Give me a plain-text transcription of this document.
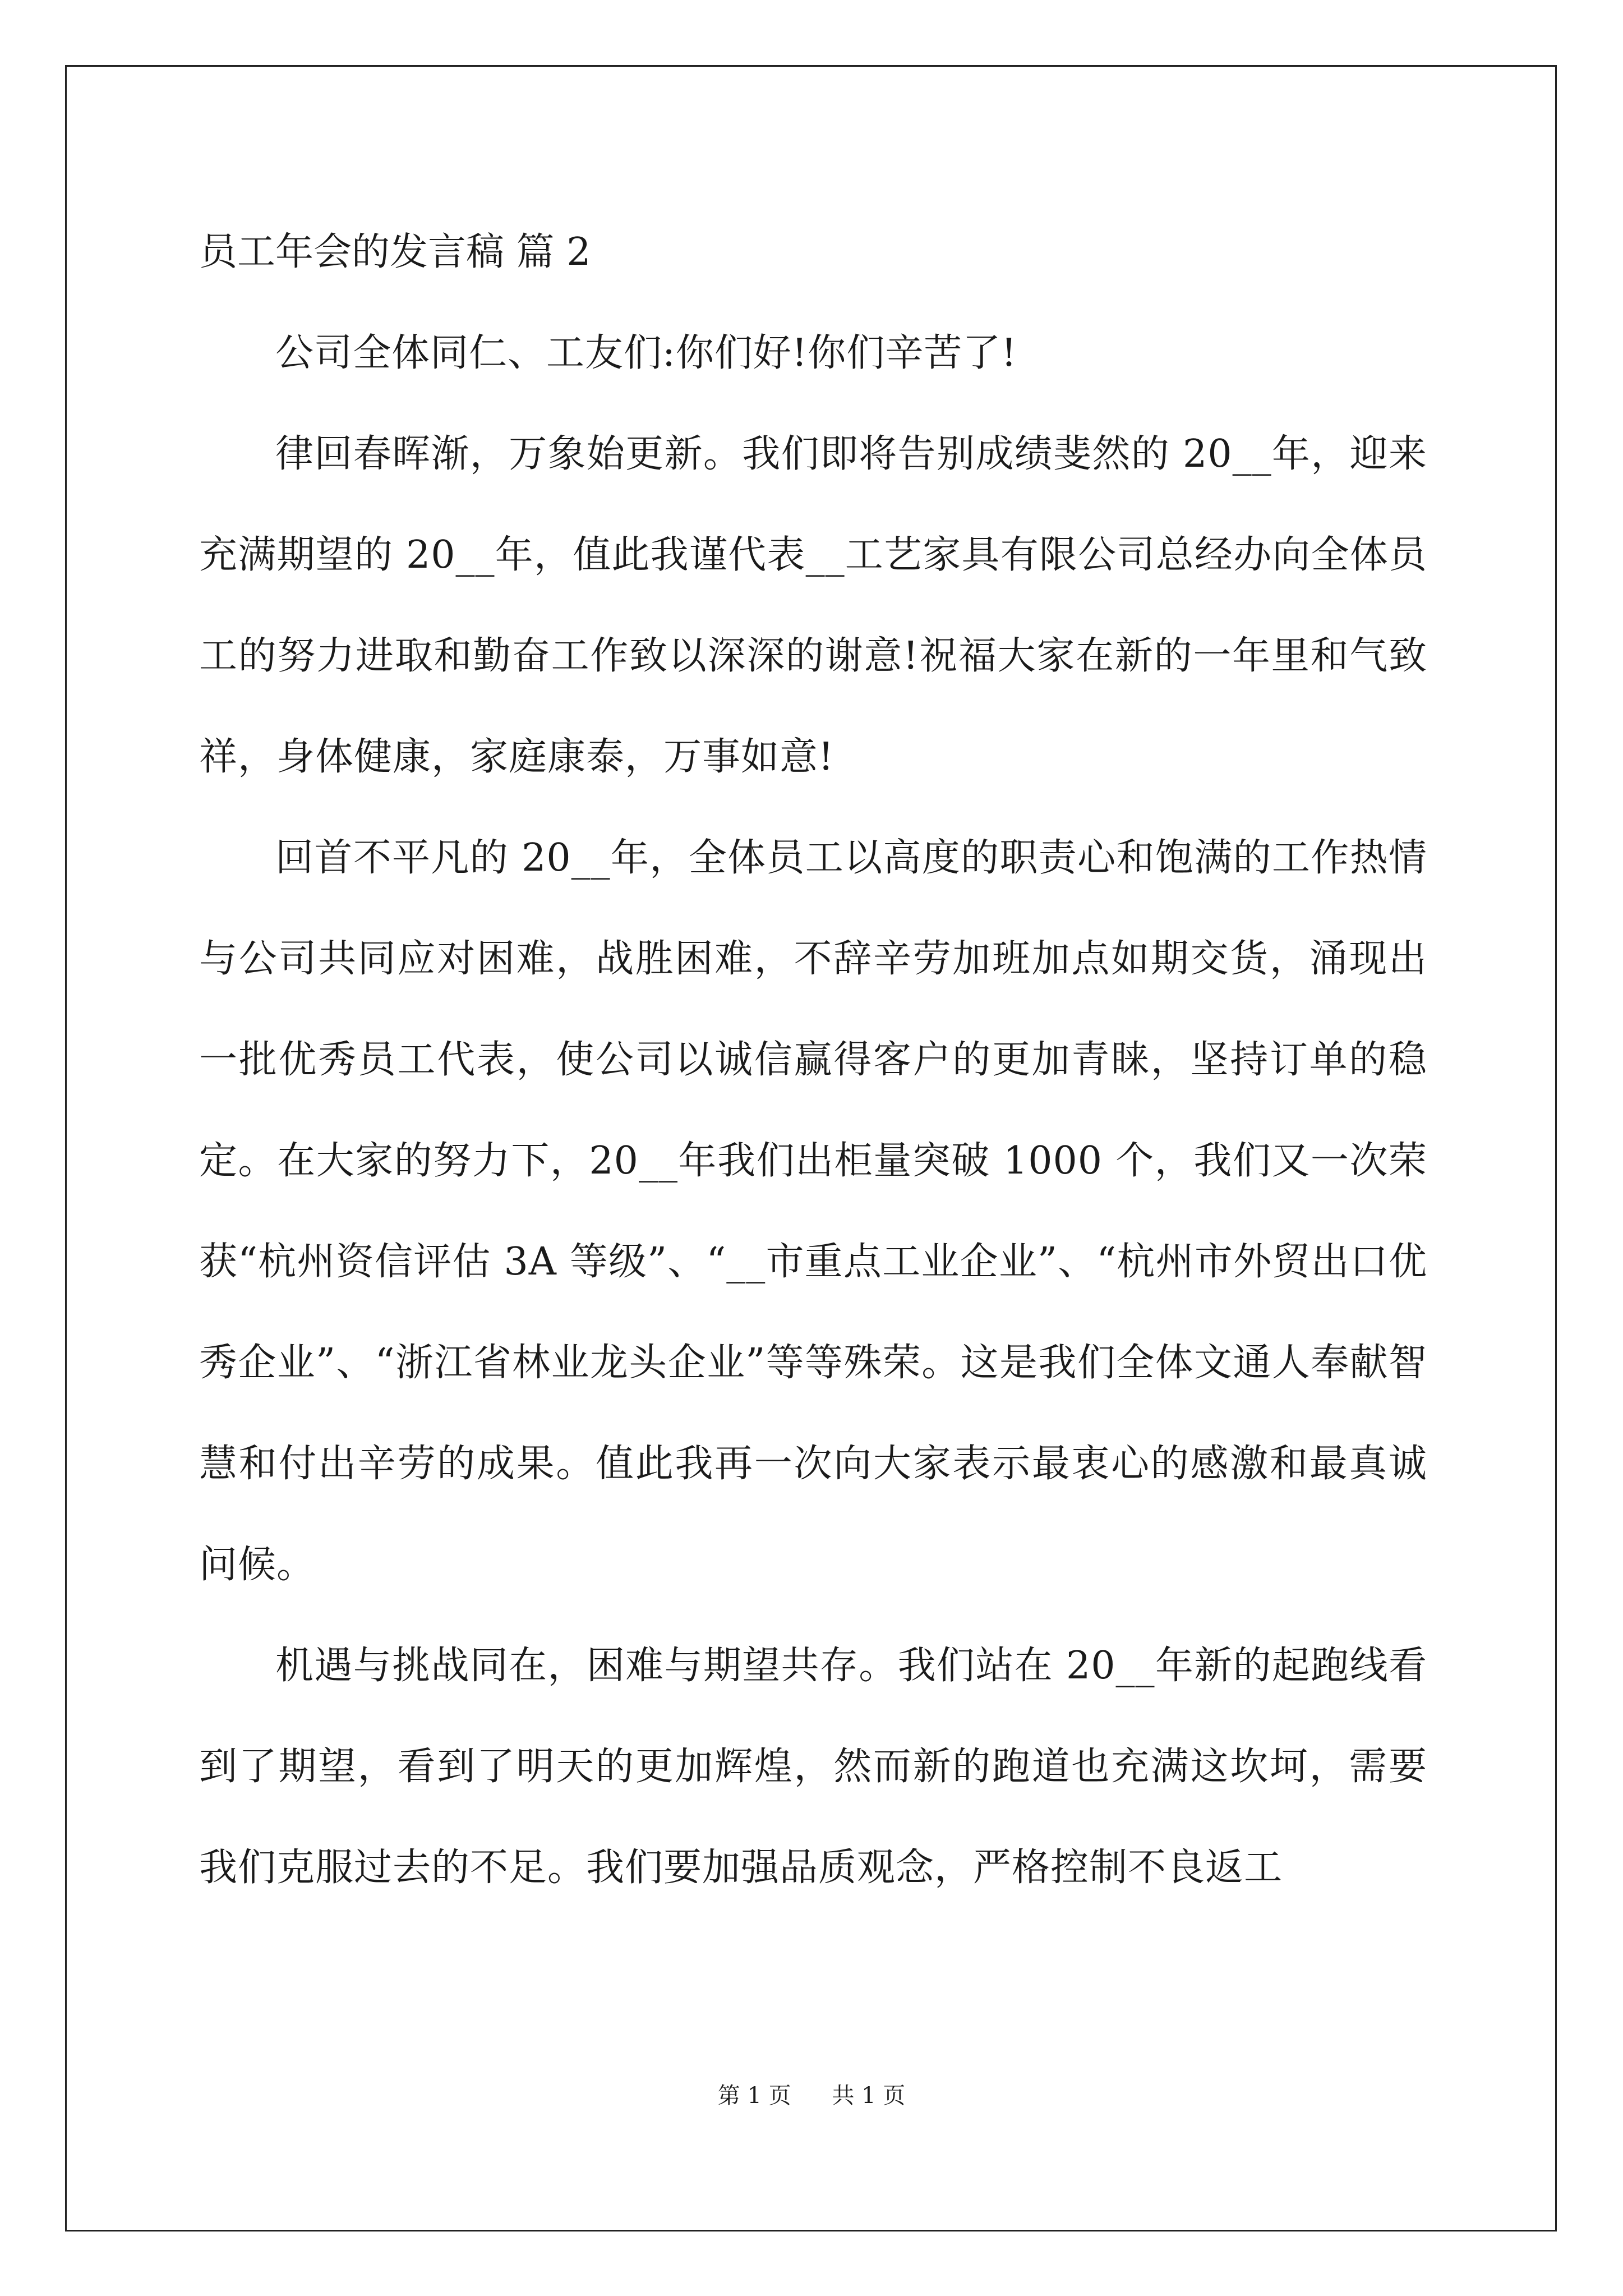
员工年会的发言稿 篇 2

公司全体同仁、工友们:你们好!你们辛苦了!

律回春晖渐，万象始更新。我们即将告别成绩斐然的 20__年，迎来充满期望的 20__年，值此我谨代表__工艺家具有限公司总经办向全体员工的努力进取和勤奋工作致以深深的谢意!祝福大家在新的一年里和气致祥，身体健康，家庭康泰，万事如意!

回首不平凡的 20__年，全体员工以高度的职责心和饱满的工作热情与公司共同应对困难，战胜困难，不辞辛劳加班加点如期交货，涌现出一批优秀员工代表，使公司以诚信赢得客户的更加青睐，坚持订单的稳定。在大家的努力下，20__年我们出柜量突破 1000 个，我们又一次荣获“杭州资信评估 3A 等级”、“__市重点工业企业”、“杭州市外贸出口优秀企业”、“浙江省林业龙头企业”等等殊荣。这是我们全体文通人奉献智慧和付出辛劳的成果。值此我再一次向大家表示最衷心的感激和最真诚问候。

机遇与挑战同在，困难与期望共存。我们站在 20__年新的起跑线看到了期望，看到了明天的更加辉煌，然而新的跑道也充满这坎坷，需要我们克服过去的不足。我们要加强品质观念，严格控制不良返工

第 1 页 共 1 页
